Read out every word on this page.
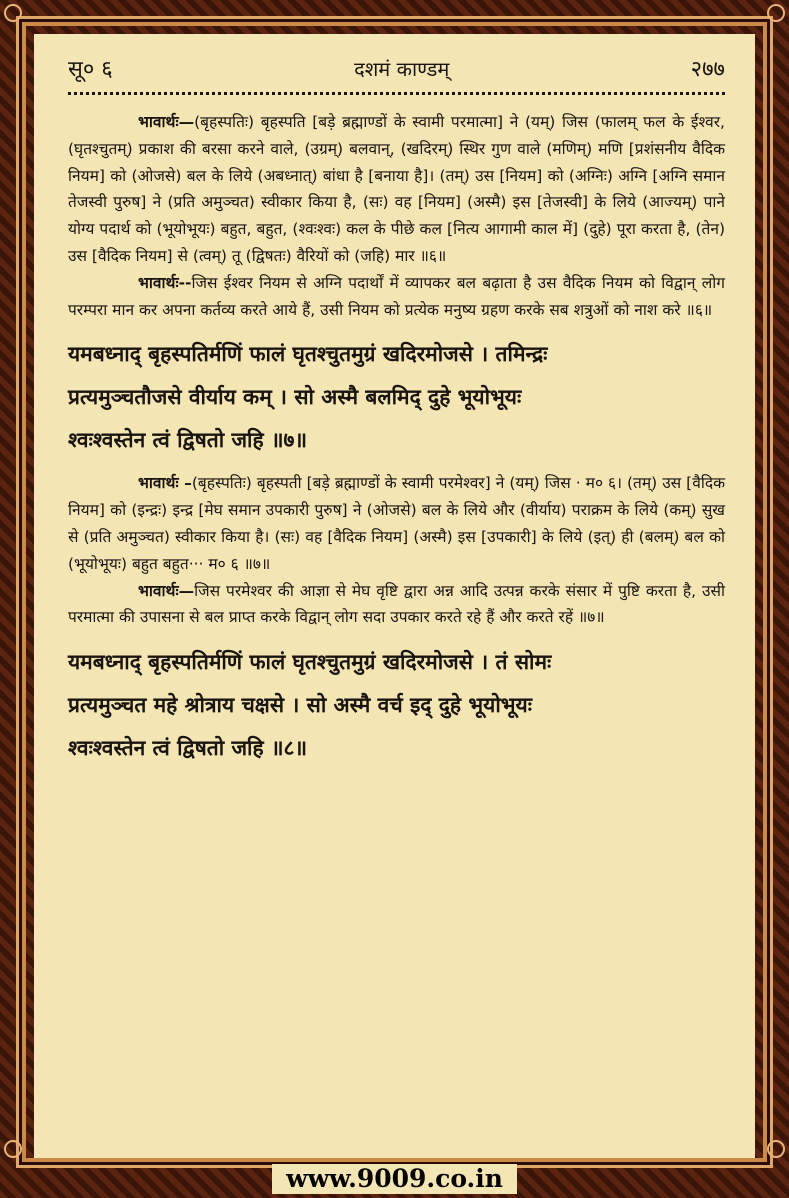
सू० ६	दशमं काण्डम्	२७७

भावार्थः—(बृहस्पतिः) बृहस्पति [बड़े ब्रह्माण्डों के स्वामी परमात्मा] ने (यम्) जिस (फालम् फल के ईश्वर, (घृतश्चुतम्) प्रकाश की बरसा करने वाले, (उग्रम्) बलवान्, (खदिरम्) स्थिर गुण वाले (मणिम्) मणि [प्रशंसनीय वैदिक नियम] को (ओजसे) बल के लिये (अबध्नात्) बांधा है [बनाया है]। (तम्) उस [नियम] को (अग्निः) अग्नि [अग्नि समान तेजस्वी पुरुष] ने (प्रति अमुञ्चत) स्वीकार किया है, (सः) वह [नियम] (अस्मै) इस [तेजस्वी] के लिये (आज्यम्) पाने योग्य पदार्थ को (भूयोभूयः) बहुत, बहुत, (श्वःश्वः) कल के पीछे कल [नित्य आगामी काल में] (दुहे) पूरा करता है, (तेन) उस [वैदिक नियम] से (त्वम्) तू (द्विषतः) वैरियों को (जहि) मार ॥६॥

भावार्थः--जिस ईश्वर नियम से अग्नि पदार्थों में व्यापकर बल बढ़ाता है उस वैदिक नियम को विद्वान् लोग परम्परा मान कर अपना कर्तव्य करते आये हैं, उसी नियम को प्रत्येक मनुष्य ग्रहण करके सब शत्रुओं को नाश करे ॥६॥

यमबध्नाद् बृहस्पतिर्मणिं फालं घृतश्चुतमुग्रं खदिरमोजसे । तमिन्द्रः
प्रत्यमुञ्चतौजसे वीर्याय कम् । सो अस्मै बलमिद् दुहे भूयोभूयः
श्वःश्वस्तेन त्वं द्विषतो जहि ॥७॥

भावार्थः –(बृहस्पतिः) बृहस्पती [बड़े ब्रह्माण्डों के स्वामी परमेश्वर] ने (यम्) जिस · म० ६। (तम्) उस [वैदिक नियम] को (इन्द्रः) इन्द्र [मेघ समान उपकारी पुरुष] ने (ओजसे) बल के लिये और (वीर्याय) पराक्रम के लिये (कम्) सुख से (प्रति अमुञ्चत) स्वीकार किया है। (सः) वह [वैदिक नियम] (अस्मै) इस [उपकारी] के लिये (इत्) ही (बलम्) बल को (भूयोभूयः) बहुत बहुत··· म० ६ ॥७॥

भावार्थः—जिस परमेश्वर की आज्ञा से मेघ वृष्टि द्वारा अन्न आदि उत्पन्न करके संसार में पुष्टि करता है, उसी परमात्मा की उपासना से बल प्राप्त करके विद्वान् लोग सदा उपकार करते रहे हैं और करते रहें ॥७॥

यमबध्नाद् बृहस्पतिर्मणिं फालं घृतश्चुतमुग्रं खदिरमोजसे । तं सोमः
प्रत्यमुञ्चत महे श्रोत्राय चक्षसे । सो अस्मै वर्च इद् दुहे भूयोभूयः
श्वःश्वस्तेन त्वं द्विषतो जहि ॥८॥
www.9009.co.in
